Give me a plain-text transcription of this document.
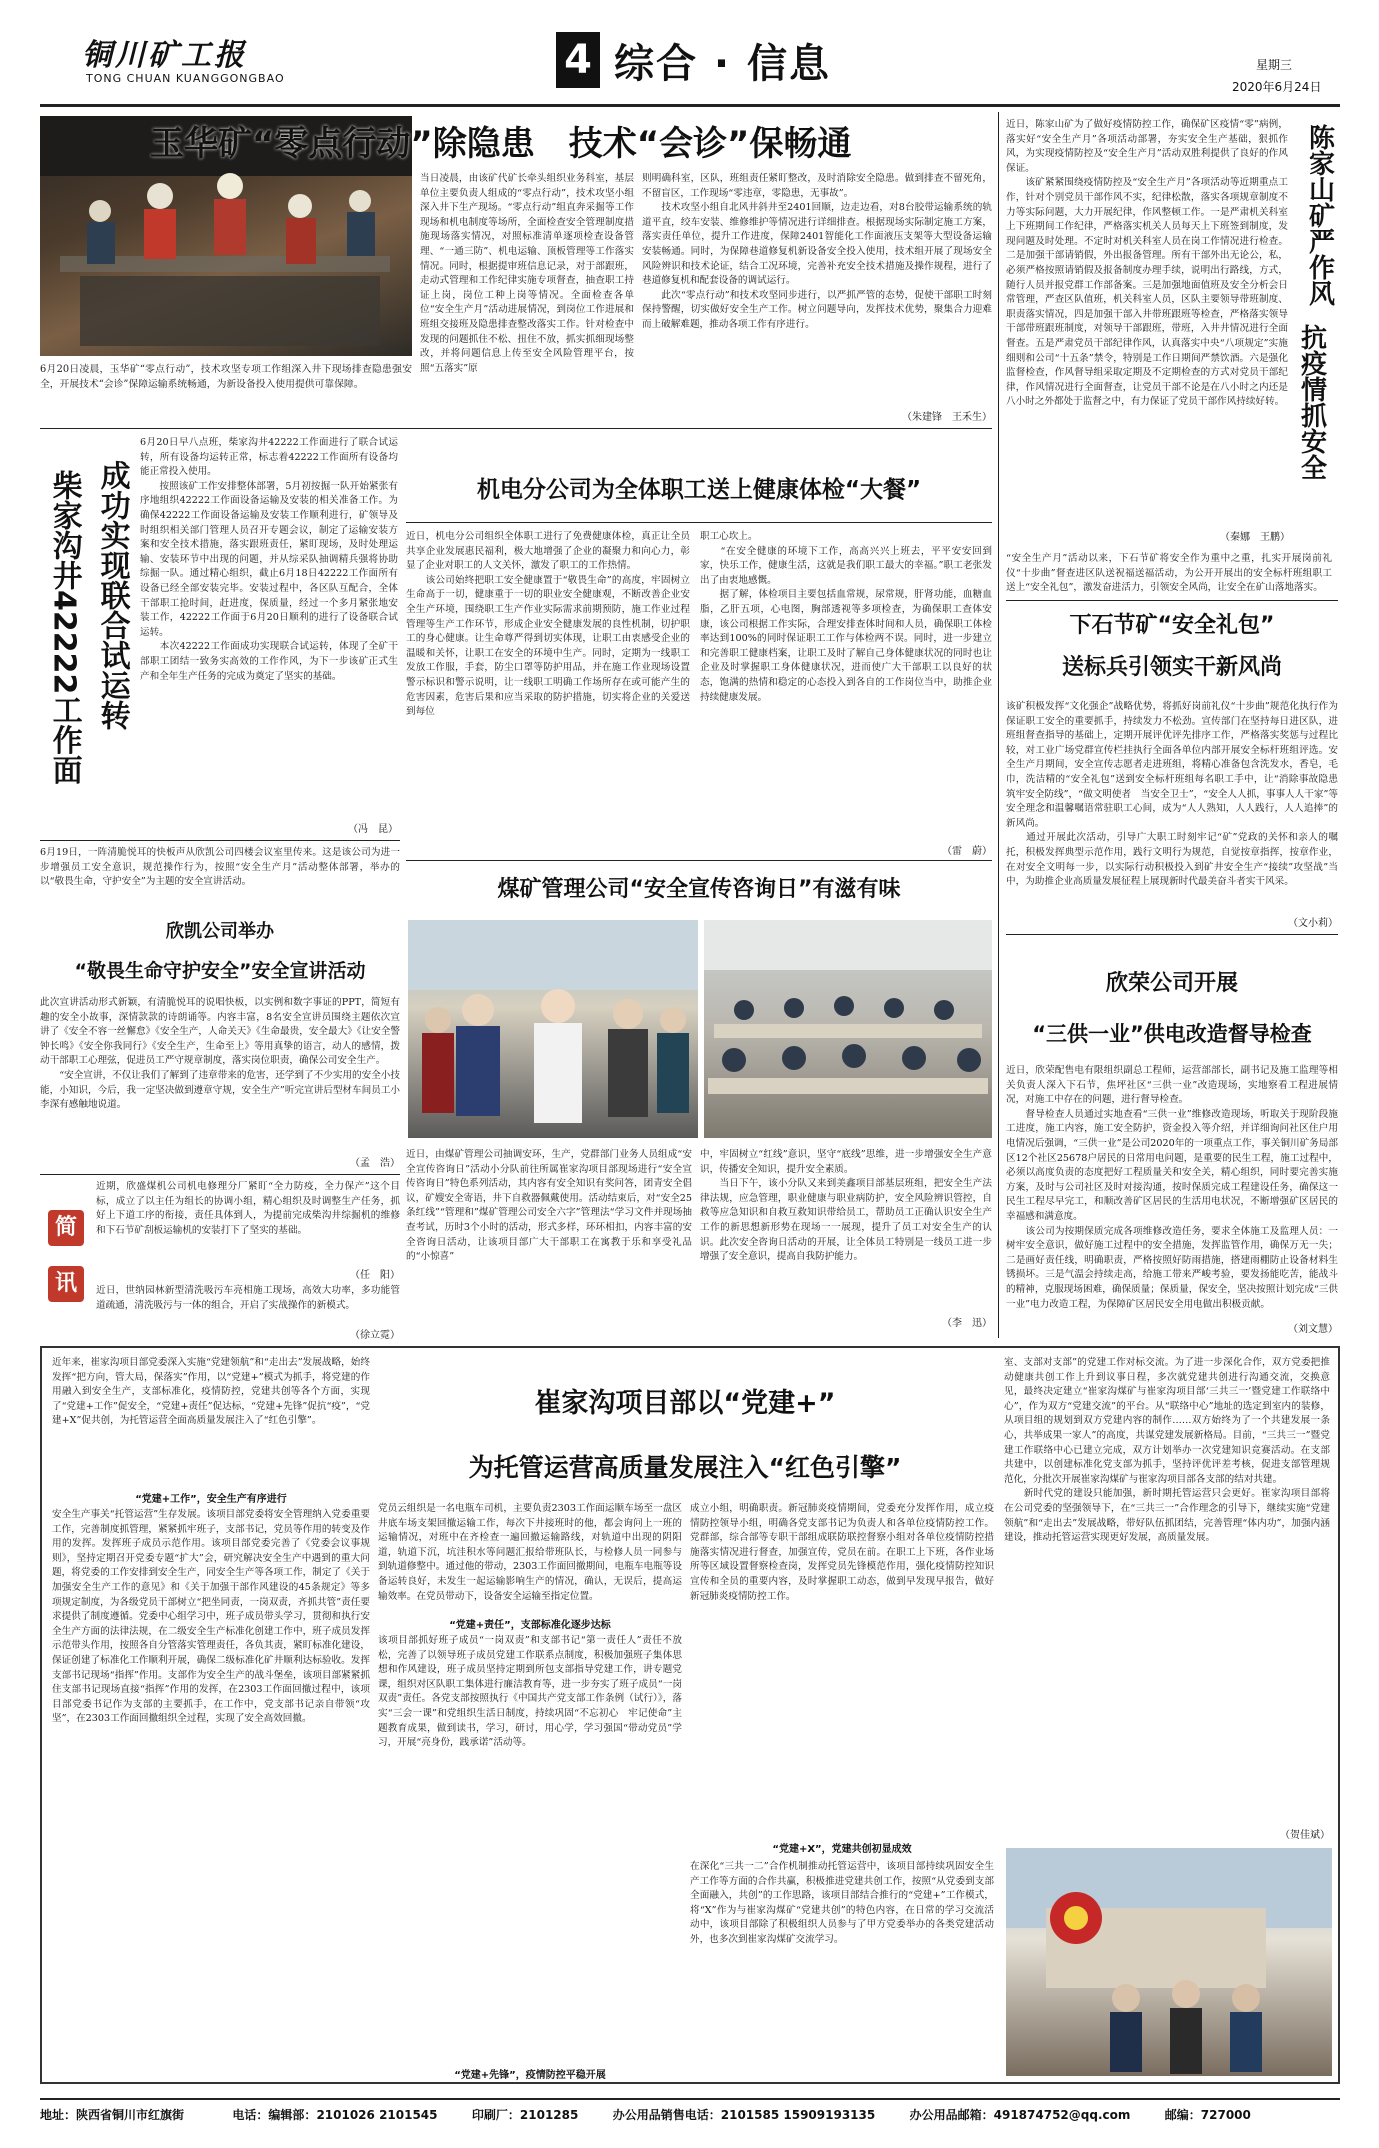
铜川矿工报
TONG CHUAN KUANGGONGBAO	4 综合 · 信息	星期三
2020年6月24日
玉华矿“零点行动”除隐患　技术“会诊”保畅通
6月20日凌晨，玉华矿“零点行动”，技术攻坚专项工作组深入井下现场排查隐患强安全，开展技术“会诊”保障运输系统畅通，为新设备投入使用提供可靠保障。
当日凌晨，由该矿代矿长牵头组织业务科室，基层单位主要负责人组成的“零点行动”，技术攻坚小组深入井下生产现场。“零点行动”组直奔采掘等工作现场和机电制度等场所，全面检查安全管理制度措施现场落实情况，对照标准清单逐项检查设备管理、“一通三防”、机电运输、顶板管理等工作落实情况。同时，根据提审班信息记录，对于部跟班，走动式管理和工作纪律实施专项督查，抽查职工持证上岗，岗位工种上岗等情况。全面检查各单位“安全生产月”活动进展情况，到岗位工作进展和班组交接班及隐患排查整改落实工作。针对检查中发现的问题抓住不松、扭住不放，抓实抓细现场整改，并将问题信息上传至安全风险管理平台，按照“五落实”原
则明确科室，区队，班组责任紧盯整改，及时消除安全隐患。做到排查不留死角，不留盲区，工作现场“零违章，零隐患，无事故”。
　　技术攻坚小组自北风井斜井至2401回顺，边走边看，对8台胶带运输系统的轨道平直，绞车安装、维修维护等情况进行详细排查。根据现场实际制定施工方案，落实责任单位，提升工作进度，保障2401智能化工作面液压支架等大型设备运输安装畅通。同时，为保障巷道修复机新设备安全投入使用，技术组开展了现场安全风险辨识和技术论证，结合工况环境，完善补充安全技术措施及操作规程，进行了巷道修复机和配套设备的调试运行。
　　此次“零点行动”和技术攻坚同步进行，以严抓严管的态势，促使干部职工时刻保持警醒，切实做好安全生产工作。树立问题导向，发挥技术优势，聚集合力迎难而上破解难题，推动各项工作有序进行。
（朱建锋　王禾生）
成功实现联合试运转
柴家沟井42222工作面
6月20日早八点班，柴家沟井42222工作面进行了联合试运转，所有设备均运转正常，标志着42222工作面所有设备均能正常投入使用。
　　按照该矿工作安排整体部署，5月初按掘一队开始紧张有序地组织42222工作面设备运输及安装的相关准备工作。为确保42222工作面设备运输及安装工作顺利进行，矿领导及时组织相关部门管理人员召开专题会议，制定了运输安装方案和安全技术措施，落实跟班责任，紧盯现场，及时处理运输、安装环节中出现的问题，并从综采队抽调精兵强将协助综掘一队。通过精心组织，截止6月18日42222工作面所有设备已经全部安装完毕。安装过程中，各区队互配合，全体干部职工抢时间，赶进度，保质量，经过一个多月紧张地安装工作，42222工作面于6月20日顺利的进行了设备联合试运转。
　　本次42222工作面成功实现联合试运转，体现了全矿干部职工团结一致务实高效的工作作风，为下一步该矿正式生产和全年生产任务的完成为奠定了坚实的基础。
（冯　昆）
机电分公司为全体职工送上健康体检“大餐”
近日，机电分公司组织全体职工进行了免费健康体检，真正让全员共享企业发展惠民福利，极大地增强了企业的凝聚力和向心力，彰显了企业对职工的人文关怀，激发了职工的工作热情。
　　该公司始终把职工安全健康置于“敬畏生命”的高度，牢固树立生命高于一切，健康重于一切的职业安全健康观，不断改善企业安全生产环境，围绕职工生产作业实际需求前期预防，施工作业过程管理等生产工作环节，形成企业安全健康发展的良性机制，切护职工的身心健康。让生命尊严得到切实体现，让职工由衷感受企业的温暖和关怀，让职工在安全的环境中生产。同时，定期为一线职工发放工作服，手套，防尘口罩等防护用品，并在施工作业现场设置警示标识和警示说明，让一线职工明确工作场所存在或可能产生的危害因素，危害后果和应当采取的防护措施，切实将企业的关爱送到每位
职工心坎上。
　　“在安全健康的环境下工作，高高兴兴上班去，平平安安回到家，快乐工作，健康生活，这就是我们职工最大的幸福。”职工老张发出了由衷地感慨。
　　据了解，体检项目主要包括血常规，尿常规，肝肾功能，血糖血脂，乙肝五项，心电图，胸部透视等多项检查，为确保职工查体安康，该公司根据工作实际，合理安排查体时间和人员，确保职工体检率达到100%的同时保证职工工作与体检两不误。同时，进一步建立和完善职工健康档案，让职工及时了解自己身体健康状况的同时也让企业及时掌握职工身体健康状况，进而使广大干部职工以良好的状态，饱满的热情和稳定的心态投入到各自的工作岗位当中，助推企业持续健康发展。
（雷　蔚）
6月19日，一阵清脆悦耳的快板声从欣凯公司四楼会议室里传来。这是该公司为进一步增强员工安全意识，规范操作行为，按照“安全生产月”活动整体部署，举办的以“敬畏生命，守护安全”为主题的安全宣讲活动。
欣凯公司举办
“敬畏生命守护安全”安全宣讲活动
此次宣讲活动形式新颖，有清脆悦耳的说唱快板，以实例和数字事证的PPT，简短有趣的安全小故事，深情款款的诗朗诵等。内容丰富，8名安全宣讲员围绕主题依次宣讲了《安全不容一丝懈怠》《安全生产，人命关天》《生命最贵，安全最大》《让安全警钟长鸣》《安全你我同行》《安全生产，生命至上》等用真挚的语言，动人的感情，拨动干部职工心理弦，促进员工严守规章制度，落实岗位职责，确保公司安全生产。
　　“安全宣讲，不仅让我们了解到了违章带来的危害，还学到了不少实用的安全小技能，小知识，今后，我一定坚决做到遵章守规，安全生产”听完宣讲后型材车间员工小李深有感触地说道。
（孟　浩）
简
讯
近期，欣盛煤机公司机电修理分厂紧盯“全力防疫，全力保产”这个目标，成立了以主任为组长的协调小组，精心组织及时调整生产任务，抓好上下道工序的衔接，责任具体到人，为提前完成柴沟井综掘机的维修和下石节矿刮板运输机的安装打下了坚实的基础。
（任　阳）
近日，世纳园林新型清洗吸污车亮相施工现场，高效大功率，多功能管道疏通，清洗吸污与一体的组合，开启了实战操作的新模式。
（徐立霓）
煤矿管理公司“安全宣传咨询日”有滋有味
近日，由煤矿管理公司抽调安环，生产，党群部门业务人员组成“安全宣传咨询日”活动小分队前往所属崔家沟项目部现场进行“安全宣传咨询日”特色系列活动，其内容有安全知识有奖问答，团青安全倡议，矿嫂安全寄语，井下自救器佩戴使用。活动结束后，对“安全25条红线”“管理和”煤矿管理公司安全六字”管理法“学习文件并现场抽查考试，历时3个小时的活动，形式多样，环环相扣，内容丰富的安全咨询日活动，让该项目部广大干部职工在寓教于乐和享受礼品的“小惊喜”
中，牢固树立“红线”意识，坚守“底线”思维，进一步增强安全生产意识，传播安全知识，提升安全素质。
　　当日下午，该小分队又来到美鑫项目部基层班组，把安全生产法律法规，应急管理，职业健康与职业病防护，安全风险辨识管控，自救等应急知识和自救互救知识带给员工，帮助员工正确认识安全生产工作的新思想新形势在现场一一展现，提升了员工对安全生产的认识。此次安全咨询日活动的开展，让全体员工特别是一线员工进一步增强了安全意识，提高自我防护能力。
（李　迅）
近日，陈家山矿为了做好疫情防控工作，确保矿区疫情“零”病例，落实好“安全生产月”各项活动部署，夯实安全生产基础，狠抓作风，为实现疫情防控及“安全生产月”活动双胜利提供了良好的作风保证。
　　该矿紧紧围绕疫情防控及“安全生产月”各项活动等近期重点工作，针对个别党员干部作风不实，纪律松散，落实各项规章制度不力等实际问题，大力开展纪律，作风整顿工作。一是严肃机关科室上下班期间工作纪律，严格落实机关人员每天上下班签到制度，发现问题及时处理。不定时对机关科室人员在岗工作情况进行检查。二是加强干部请销假，外出报备管理。所有干部外出无论公，私，必须严格按照请销假及报备制度办理手续，说明出行路线，方式，随行人员并报党群工作部备案。三是加强地面值班及安全分析会日常管理，严查区队值班，机关科室人员，区队主要领导带班制度、职责落实情况，四是加强干部入井带班跟班等检查，严格落实领导干部带班跟班制度，对领导干部跟班，带班，入井井情况进行全面督查。五是严肃党员干部纪律作风，认真落实中央“八项规定”实施细则和公司“十五条”禁令，特别是工作日期间严禁饮酒。六是强化监督检查，作风督导组采取定期及不定期检查的方式对党员干部纪律，作风情况进行全面督查，让党员干部不论是在八小时之内还是八小时之外都处于监督之中，有力保证了党员干部作风持续好转。
陈家山矿严作风
抗疫情抓安全
（秦娜　王鹏）
“安全生产月”活动以来，下石节矿将安全作为重中之重，扎实开展岗前礼仪“十步曲”督查进区队送祝福送福活动，为公开开展出的安全标杆班组职工送上“安全礼包”，激发奋进活力，引领安全风尚，让安全在矿山落地落实。
下石节矿“安全礼包”
送标兵引领实干新风尚
该矿积极发挥“文化强企”战略优势，将抓好岗前礼仪“十步曲”规范化执行作为保证职工安全的重要抓手，持续发力不松劲。宣传部门在坚持每日进区队，进班组督查指导的基础上，定期开展评优评先排序工作，严格落实奖惩与过程比较，对工业广场党群宣传栏挂执行全面各单位内部开展安全标杆班组评选。安全生产月期间，安全宣传志愿者走进班组，将精心准备包含洗发水，香皂，毛巾，洗洁精的“安全礼包”送到安全标杆班组每名职工手中，让“消除事故隐患　筑牢安全防线”，“做文明使者　当安全卫士”，“安全人人抓，事事人人干家”等安全理念和温馨嘱语常驻职工心间，成为“人人熟知，人人践行，人人追捧”的新风尚。
　　通过开展此次活动，引导广大职工时刻牢记“矿”党政的关怀和亲人的嘱托，积极发挥典型示范作用，践行文明行为规范，自觉按章指挥，按章作业，在对安全文明每一步，以实际行动积极投入到矿井安全生产“接续”攻坚战”当中，为助推企业高质量发展征程上展现新时代最美奋斗者实干风采。
（文小莉）
欣荣公司开展
“三供一业”供电改造督导检查
近日，欣荣配售电有限组织副总工程师，运营部部长，副书记及施工监理等相关负责人深入下石节，焦坪社区“三供一业”改造现场，实地察看工程进展情况，对施工中存在的问题，进行督导检查。
　　督导检查人员通过实地查看“三供一业”维修改造现场，听取关于现阶段施工进度，施工内容，施工安全防护，资金投入等介绍，并详细询问社区住户用电情况后强调，“三供一业”是公司2020年的一项重点工作，事关铜川矿务局部区12个社区25678户居民的日常用电问题，是重要的民生工程，施工过程中，必须以高度负责的态度把好工程质量关和安全关，精心组织，同时要完善实施方案，及时与公司社区及时对接沟通，按时保质完成工程建设任务，确保这一民生工程尽早完工，和顺改善矿区居民的生活用电状况，不断增强矿区居民的幸福感和满意度。
　　该公司为按期保质完成各项维修改造任务，要求全体施工及监理人员：一树牢安全意识，做好施工过程中的安全措施，发挥监管作用，确保万无一失；二是画好责任线，明确职责，严格按照好防雨措施，搭建雨棚防止设备材料生锈损坏。三是气温会持续走高，给施工带来严峻考验，要发扬能吃苦，能战斗的精神，克服现场困难，确保质量；保质量，保安全，坚决按照计划完成“三供一业”电力改造工程，为保障矿区居民安全用电做出积极贡献。
（刘文慧）
近年来，崔家沟项目部党委深入实施“党建领航”和“走出去”发展战略，始终发挥“把方向，管大局，保落实”作用，以“党建+”模式为抓手，将党建的作用融入到安全生产，支部标准化，疫情防控，党建共创等各个方面，实现了“党建+工作”促安全，“党建+责任”促达标，“党建+先锋”促抗“疫”，“党建+X”促共创，为托管运营全面高质量发展注入了“红色引擎”。
崔家沟项目部以“党建+”
为托管运营高质量发展注入“红色引擎”
“党建+工作”，安全生产有序进行
安全生产事关“托管运营”生存发展。该项目部党委将安全管理纳入党委重要工作，完善制度抓管理，紧紧抓牢班子，支部书记，党员等作用的转变及作用的发挥。发挥班子成员示范作用。该项目部党委完善了《党委会议事规则》，坚持定期召开党委专题“扩大”会，研究解决安全生产中遇到的重大问题，将党委的工作安排到安全生产，同安全生产等各项工作，制定了《关于加强安全生产工作的意见》和《关于加强干部作风建设的45条规定》等多项规定制度，为各级党员干部树立“把坐同责，一岗双责，齐抓共管”责任要求提供了制度遵循。党委中心组学习中，班子成员带头学习，贯彻和执行安全生产方面的法律法规，在二级安全生产标准化创建工作中，班子成员发挥示范带头作用，按照各自分管落实管理责任，各负其责，紧盯标准化建设，保证创建了标准化工作顺利开展，确保二级标准化矿井顺利达标验收。发挥支部书记现场“指挥”作用。支部作为安全生产的战斗堡垒，该项目部紧紧抓住支部书记现场直接“指挥”作用的发挥，在2303工作面回撤过程中，该项目部党委书记作为支部的主要抓手，在工作中，党支部书记亲自带领“攻坚”，在2303工作面回撤组织全过程，实现了安全高效回撤。
党员云组织是一名电瓶车司机，主要负责2303工作面运顺车场至一盘区井底车场支架回撤运输工作，每次下井接班时的他，都会询问上一班的运输情况，对班中在齐检查一遍回撤运输路线，对轨道中出现的阴阳道，轨道下沉，坑洼积水等问题汇报给带班队长，与检修人员一同参与到轨道修整中。通过他的带动，2303工作面回撤期间，电瓶车电瓶等设备运转良好，未发生一起运输影响生产的情况，确认，无误后，提高运输效率。在党员带动下，设备安全运输至指定位置。
“党建+责任”，支部标准化逐步达标
该项目部抓好班子成员“一岗双责”和支部书记“第一责任人”责任不放松，完善了以领导班子成员党建工作联系点制度，积极加强班子集体思想和作风建设，班子成员坚持定期到所包支部指导党建工作，讲专题党课，组织对区队职工集体进行廉洁教育等，进一步夯实了班子成员“一岗双责”责任。各党支部按照执行《中国共产党支部工作条例（试行）》，落实“三会一课”和党组织生活日制度，持续巩固“不忘初心　牢记使命”主题教育成果，做到读书，学习，研讨，用心学，学习强国“带动党员”学习，开展“亮身份，践承诺”活动等。
“党建+先锋”，疫情防控平稳开展
成立小组，明确职责。新冠肺炎疫情期间，党委充分发挥作用，成立疫情防控领导小组，明确各党支部书记为负责人和各单位疫情防控工作。党群部，综合部等专职干部组成联防联控督察小组对各单位疫情防控措施落实情况进行督查，加强宣传，党员在前。在职工上下班，各作业场所等区域设置督察检查岗，发挥党员先锋模范作用，强化疫情防控知识宣传和全员的重要内容，及时掌握职工动态，做到早发现早报告，做好新冠肺炎疫情防控工作。
“党建+X”，党建共创初显成效
在深化“三共一二”合作机制推动托管运营中，该项目部持续巩固安全生产工作等方面的合作共赢，积极推进党建共创工作，按照“从党委到支部全面融入，共创”的工作思路，该项目部结合推行的“党建+”工作模式，将“X”作为与崔家沟煤矿“党建共创”的特色内容，在日常的学习交流活动中，该项目部除了积极组织人员参与了甲方党委举办的各类党建活动外，也多次到崔家沟煤矿交流学习。
室、支部对支部”的党建工作对标交流。为了进一步深化合作，双方党委把推动健康共创工作上升到议事日程，多次就党建共创进行沟通交流，交换意见，最终决定建立“崔家沟煤矿与崔家沟项目部‘三共三一’暨党建工作联络中心”，作为双方“党建交流”的平台。从“联络中心”地址的选定到室内的装修，从项目组的规划到双方党建内容的制作……双方始终为了一个共建发展一条心，共举成果一家人”的高度，共谋党建发展新格局。目前，“三共三一”暨党建工作联络中心已建立完成，双方计划举办一次党建知识竞赛活动。在支部共建中，以创建标准化党支部为抓手，坚持评优评差考核，促进支部管理规范化，分批次开展崔家沟煤矿与崔家沟项目部各支部的结对共建。
　　新时代党的建设只能加强，新时期托管运营只会更好。崔家沟项目部将在公司党委的坚强领导下，在“三共三一”合作理念的引导下，继续实施“党建领航”和“走出去”发展战略，带好队伍抓团结，完善管理“体内功”，加强内涵建设，推动托管运营实现更好发展，高质量发展。
（贺佳斌）
地址：陕西省铜川市红旗街	电话：编辑部：2101026 2101545	印刷厂：2101285	办公用品销售电话：2101585 15909193135	办公用品邮箱：491874752@qq.com	邮编：727000
